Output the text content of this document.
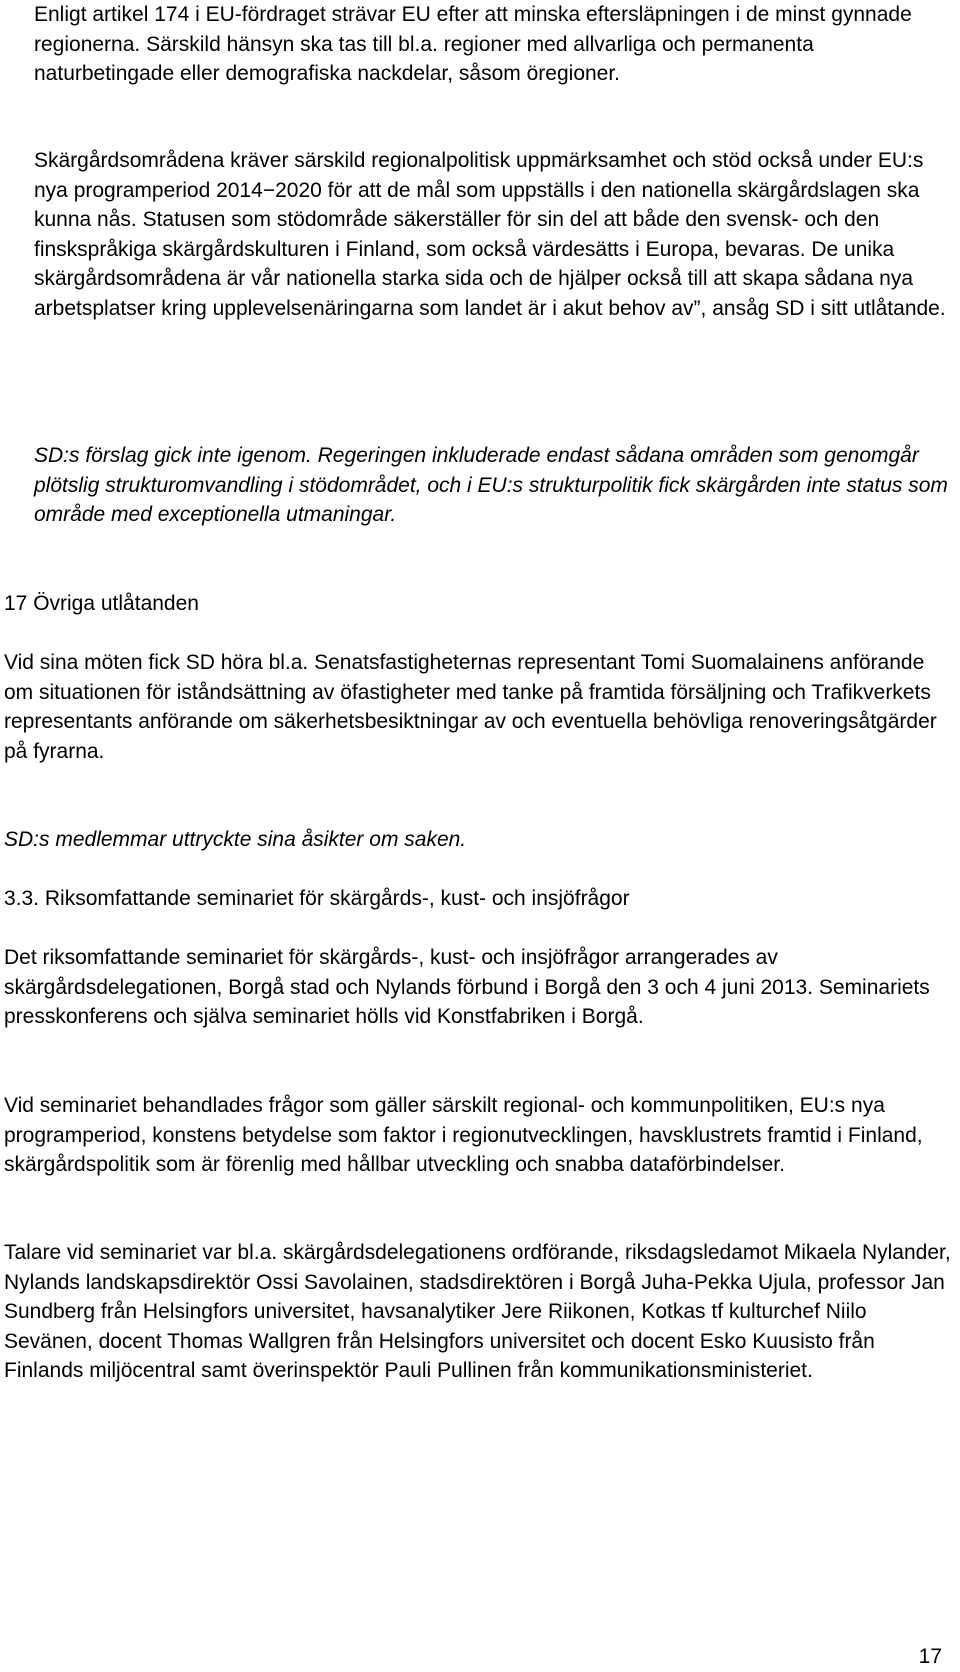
Enligt artikel 174 i EU-fördraget strävar EU efter att minska eftersläpningen i de minst gynnade regionerna. Särskild hänsyn ska tas till bl.a. regioner med allvarliga och permanenta naturbetingade eller demografiska nackdelar, såsom öregioner.

Skärgårdsområdena kräver särskild regionalpolitisk uppmärksamhet och stöd också under EU:s nya programperiod 2014−2020 för att de mål som uppställs i den nationella skärgårdslagen ska kunna nås. Statusen som stödområde säkerställer för sin del att både den svensk- och den finskspråkiga skärgårdskulturen i Finland, som också värdesätts i Europa, bevaras. De unika skärgårdsområdena är vår nationella starka sida och de hjälper också till att skapa sådana nya arbetsplatser kring upplevelsenäringarna som landet är i akut behov av”, ansåg SD i sitt utlåtande.

SD:s förslag gick inte igenom. Regeringen inkluderade endast sådana områden som genomgår plötslig strukturomvandling i stödområdet, och i EU:s strukturpolitik fick skärgården inte status som område med exceptionella utmaningar.

17 Övriga utlåtanden

Vid sina möten fick SD höra bl.a. Senatsfastigheternas representant Tomi Suomalainens anförande om situationen för iståndsättning av öfastigheter med tanke på framtida försäljning och Trafikverkets representants anförande om säkerhetsbesiktningar av och eventuella behövliga renoveringsåtgärder på fyrarna.

SD:s medlemmar uttryckte sina åsikter om saken.

3.3. Riksomfattande seminariet för skärgårds-, kust- och insjöfrågor

Det riksomfattande seminariet för skärgårds-, kust- och insjöfrågor arrangerades av skärgårdsdelegationen, Borgå stad och Nylands förbund i Borgå den 3 och 4 juni 2013. Seminariets presskonferens och själva seminariet hölls vid Konstfabriken i Borgå.

Vid seminariet behandlades frågor som gäller särskilt regional- och kommunpolitiken, EU:s nya programperiod, konstens betydelse som faktor i regionutvecklingen, havsklustrets framtid i Finland, skärgårdspolitik som är förenlig med hållbar utveckling och snabba dataförbindelser.

Talare vid seminariet var bl.a. skärgårdsdelegationens ordförande, riksdagsledamot Mikaela Nylander, Nylands landskapsdirektör Ossi Savolainen, stadsdirektören i Borgå Juha-Pekka Ujula, professor Jan Sundberg från Helsingfors universitet, havsanalytiker Jere Riikonen, Kotkas tf kulturchef Niilo Sevänen, docent Thomas Wallgren från Helsingfors universitet och docent Esko Kuusisto från Finlands miljöcentral samt överinspektör Pauli Pullinen från kommunikationsministeriet.

17
